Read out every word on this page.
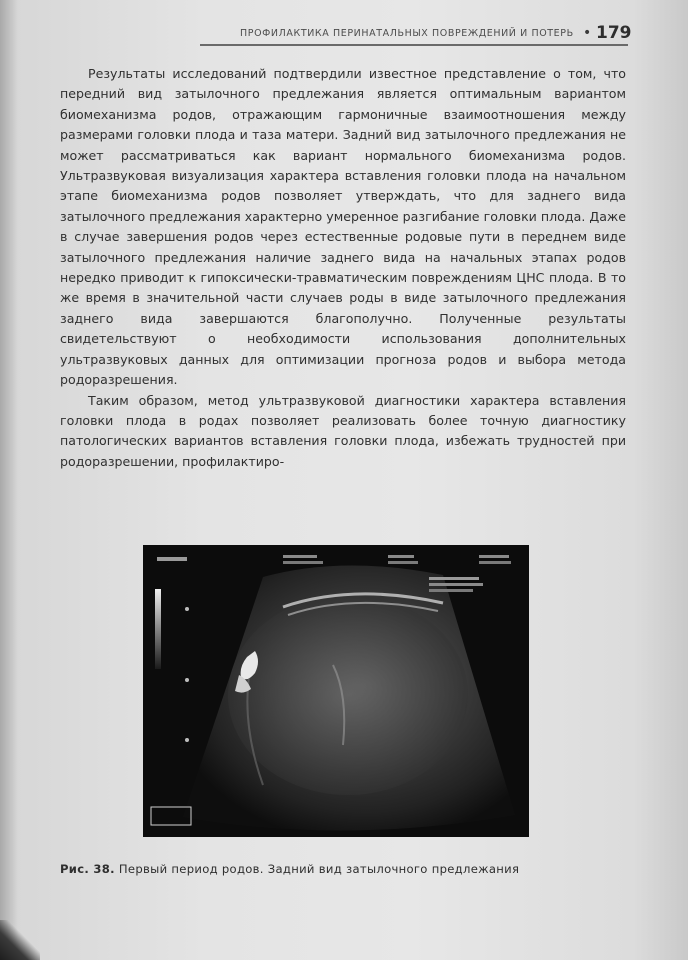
ПРОФИЛАКТИКА ПЕРИНАТАЛЬНЫХ ПОВРЕЖДЕНИЙ И ПОТЕРЬ • 179

Результаты исследований подтвердили известное представление о том, что передний вид затылочного предлежания является оптимальным вариантом биомеханизма родов, отражающим гармоничные взаимоотношения между размерами головки плода и таза матери. Задний вид затылочного предлежания не может рассматриваться как вариант нормального биомеханизма родов. Ультразвуковая визуализация характера вставления головки плода на начальном этапе биомеханизма родов позволяет утверждать, что для заднего вида затылочного предлежания характерно умеренное разгибание головки плода. Даже в случае завершения родов через естественные родовые пути в переднем виде затылочного предлежания наличие заднего вида на начальных этапах родов нередко приводит к гипоксически-травматическим повреждениям ЦНС плода. В то же время в значительной части случаев роды в виде затылочного предлежания заднего вида завершаются благополучно. Полученные результаты свидетельствуют о необходимости использования дополнительных ультразвуковых данных для оптимизации прогноза родов и выбора метода родоразрешения.

Таким образом, метод ультразвуковой диагностики характера вставления головки плода в родах позволяет реализовать более точную диагностику патологических вариантов вставления головки плода, избежать трудностей при родоразрешении, профилактиро-

Рис. 38. Первый период родов. Задний вид затылочного предлежания
